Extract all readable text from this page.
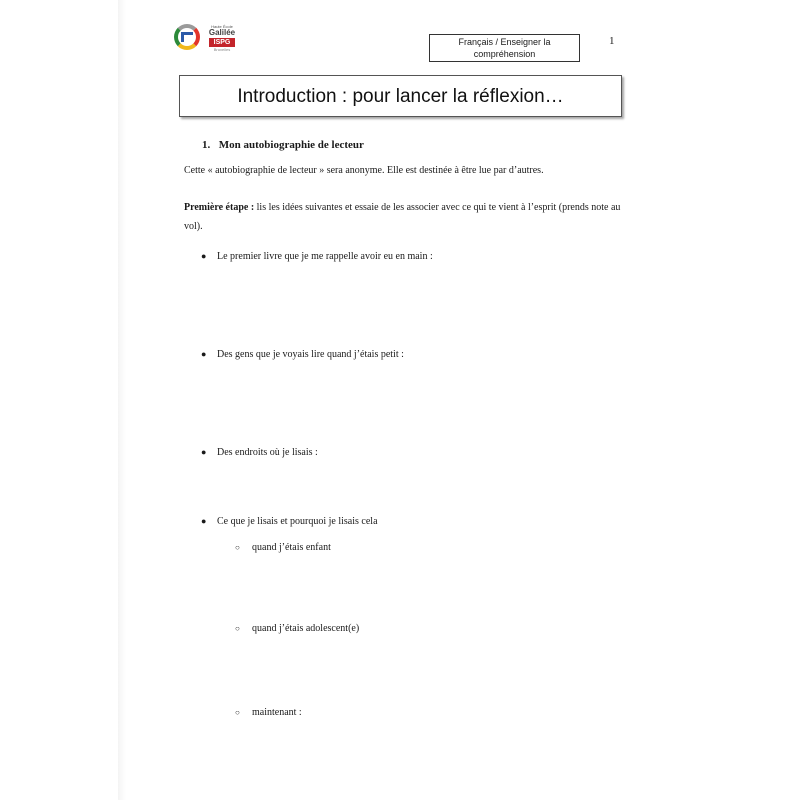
Haute École
Galilée
ISPG
Bruxelles
Français / Enseigner la
compréhension
1
Introduction : pour lancer la réflexion…
1. Mon autobiographie de lecteur
Cette « autobiographie de lecteur » sera anonyme. Elle est destinée à être lue par d’autres.
Première étape : lis les idées suivantes et essaie de les associer avec ce qui te vient à l’esprit (prends note au vol).
● Le premier livre que je me rappelle avoir eu en main :
● Des gens que je voyais lire quand j’étais petit :
● Des endroits où je lisais :
● Ce que je lisais et pourquoi je lisais cela
○ quand j’étais enfant
○ quand j’étais adolescent(e)
○ maintenant :
